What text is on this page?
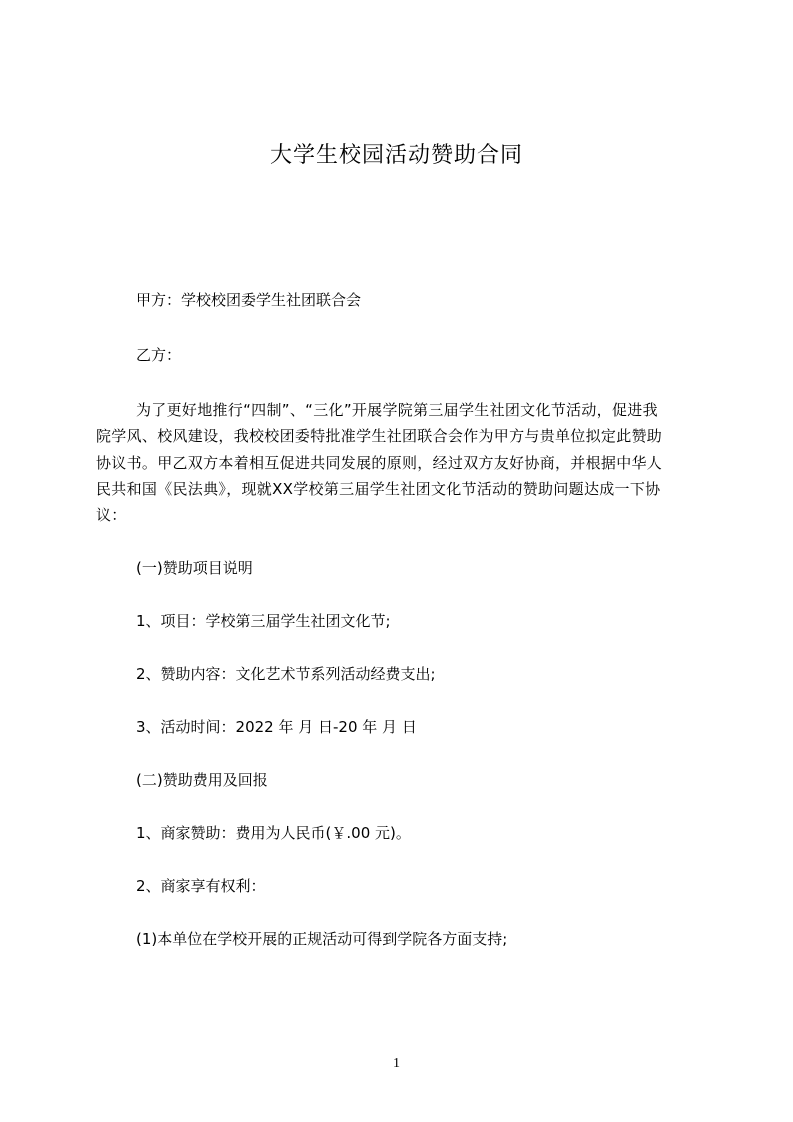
大学生校园活动赞助合同
甲方：学校校团委学生社团联合会
乙方：
为了更好地推行“四制”、“三化”开展学院第三届学生社团文化节活动，促进我
院学风、校风建设，我校校团委特批准学生社团联合会作为甲方与贵单位拟定此赞助
协议书。甲乙双方本着相互促进共同发展的原则，经过双方友好协商，并根据中华人
民共和国《民法典》，现就XX学校第三届学生社团文化节活动的赞助问题达成一下协
议：
(一)赞助项目说明
1、项目：学校第三届学生社团文化节;
2、赞助内容：文化艺术节系列活动经费支出;
3、活动时间：2022 年 月 日-20 年 月 日
(二)赞助费用及回报
1、商家赞助：费用为人民币(￥.00 元)。
2、商家享有权利：
(1)本单位在学校开展的正规活动可得到学院各方面支持;
1
